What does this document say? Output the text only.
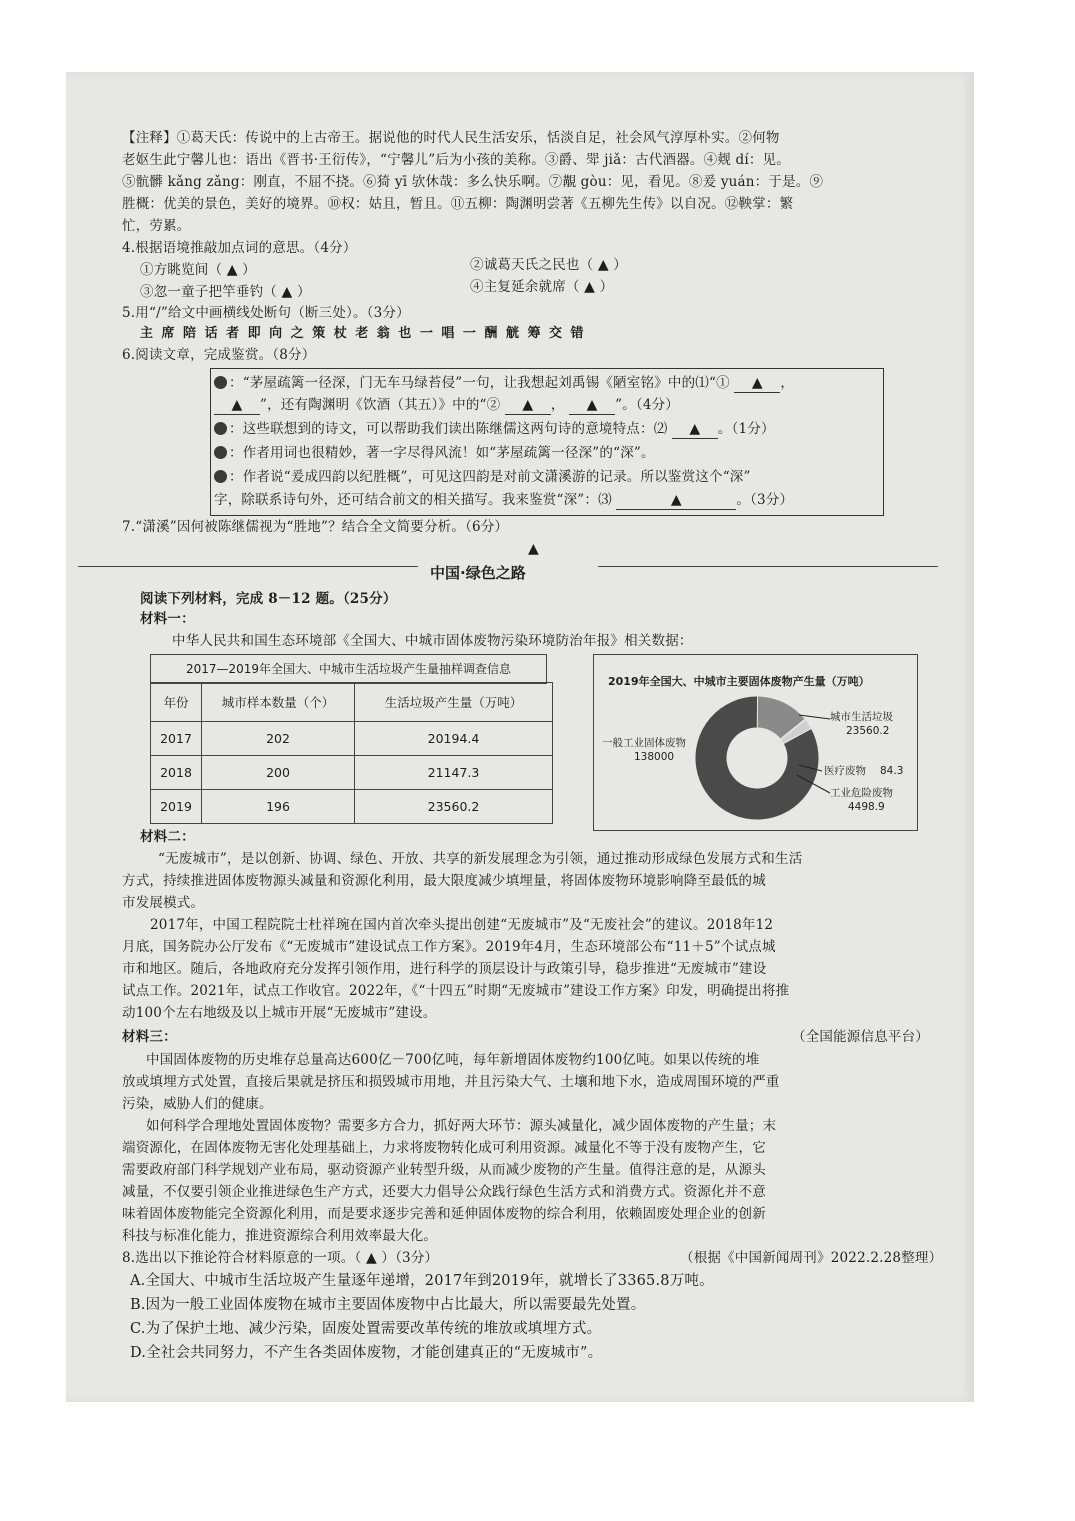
【注释】①葛天氏：传说中的上古帝王。据说他的时代人民生活安乐，恬淡自足，社会风气淳厚朴实。②何物
老妪生此宁馨儿也：语出《晋书·王衍传》，“宁馨儿”后为小孩的美称。③爵、斝 jiǎ：古代酒器。④觌 dí：见。
⑤骯髒 kǎng zǎng：刚直，不屈不挠。⑥猗 yī 欤休哉：多么快乐啊。⑦覯 gòu：见，看见。⑧爰 yuán：于是。⑨
胜概：优美的景色，美好的境界。⑩权：姑且，暂且。⑪五柳：陶渊明尝著《五柳先生传》以自况。⑫鞅掌：繁
忙，劳累。
4.根据语境推敲加点词的意思。（4分）
①方眺览间（ ▲ ）	②诚葛天氏之民也（ ▲ ）
③忽一童子把竿垂钓（ ▲ ）	④主复延余就席（ ▲ ）
5.用“/”给文中画横线处断句（断三处）。（3分）
主 席 陪 话 者 即 向 之 策 杖 老 翁 也 一 唱 一 酬 觥 筹 交 错
6.阅读文章，完成鉴赏。（8分）
：“茅屋疏篱一径深，门无车马绿苔侵”一句，让我想起刘禹锡《陋室铭》中的⑴“① ▲ ，
▲ ”，还有陶渊明《饮酒（其五）》中的“② ▲ ， ▲ ”。（4分）
：这些联想到的诗文，可以帮助我们读出陈继儒这两句诗的意境特点：⑵ ▲ 。（1分）
：作者用词也很精妙，著一字尽得风流！如“茅屋疏篱一径深”的“深”。
：作者说“爰成四韵以纪胜概”，可见这四韵是对前文潇溪游的记录。所以鉴赏这个“深”
字，除联系诗句外，还可结合前文的相关描写。我来鉴赏“深”：⑶	▲	。（3分）
7.“潇溪”因何被陈继儒视为“胜地”？结合全文简要分析。（6分）
▲
中国·绿色之路
阅读下列材料，完成 8－12 题。（25分）
材料一：
中华人民共和国生态环境部《全国大、中城市固体废物污染环境防治年报》相关数据：
2017—2019年全国大、中城市生活垃圾产生量抽样调查信息
年份	城市样本数量（个）	生活垃圾产生量（万吨）
2017	202	20194.4
2018	200	21147.3
2019	196	23560.2
2019年全国大、中城市主要固体废物产生量（万吨）
一般工业固体废物
138000
城市生活垃圾
23560.2
医疗废物 84.3
工业危险废物
4498.9
材料二：
“无废城市”，是以创新、协调、绿色、开放、共享的新发展理念为引领，通过推动形成绿色发展方式和生活
方式，持续推进固体废物源头减量和资源化利用，最大限度减少填埋量，将固体废物环境影响降至最低的城
市发展模式。
2017年，中国工程院院士杜祥琬在国内首次牵头提出创建“无废城市”及“无废社会”的建议。2018年12
月底，国务院办公厅发布《“无废城市”建设试点工作方案》。2019年4月，生态环境部公布“11＋5”个试点城
市和地区。随后，各地政府充分发挥引领作用，进行科学的顶层设计与政策引导，稳步推进“无废城市”建设
试点工作。2021年，试点工作收官。2022年，《“十四五”时期“无废城市”建设工作方案》印发，明确提出将推
动100个左右地级及以上城市开展“无废城市”建设。
（全国能源信息平台）
材料三：
中国固体废物的历史堆存总量高达600亿－700亿吨，每年新增固体废物约100亿吨。如果以传统的堆
放或填埋方式处置，直接后果就是挤压和损毁城市用地，并且污染大气、土壤和地下水，造成周围环境的严重
污染，威胁人们的健康。
如何科学合理地处置固体废物？需要多方合力，抓好两大环节：源头减量化，减少固体废物的产生量；末
端资源化，在固体废物无害化处理基础上，力求将废物转化成可利用资源。减量化不等于没有废物产生，它
需要政府部门科学规划产业布局，驱动资源产业转型升级，从而减少废物的产生量。值得注意的是，从源头
减量，不仅要引领企业推进绿色生产方式，还要大力倡导公众践行绿色生活方式和消费方式。资源化并不意
味着固体废物能完全资源化利用，而是要求逐步完善和延伸固体废物的综合利用，依赖固废处理企业的创新
科技与标准化能力，推进资源综合利用效率最大化。
（根据《中国新闻周刊》2022.2.28整理）
8.选出以下推论符合材料原意的一项。（ ▲ ）（3分）
A.全国大、中城市生活垃圾产生量逐年递增，2017年到2019年，就增长了3365.8万吨。
B.因为一般工业固体废物在城市主要固体废物中占比最大，所以需要最先处置。
C.为了保护土地、减少污染，固废处置需要改革传统的堆放或填埋方式。
D.全社会共同努力，不产生各类固体废物，才能创建真正的“无废城市”。
